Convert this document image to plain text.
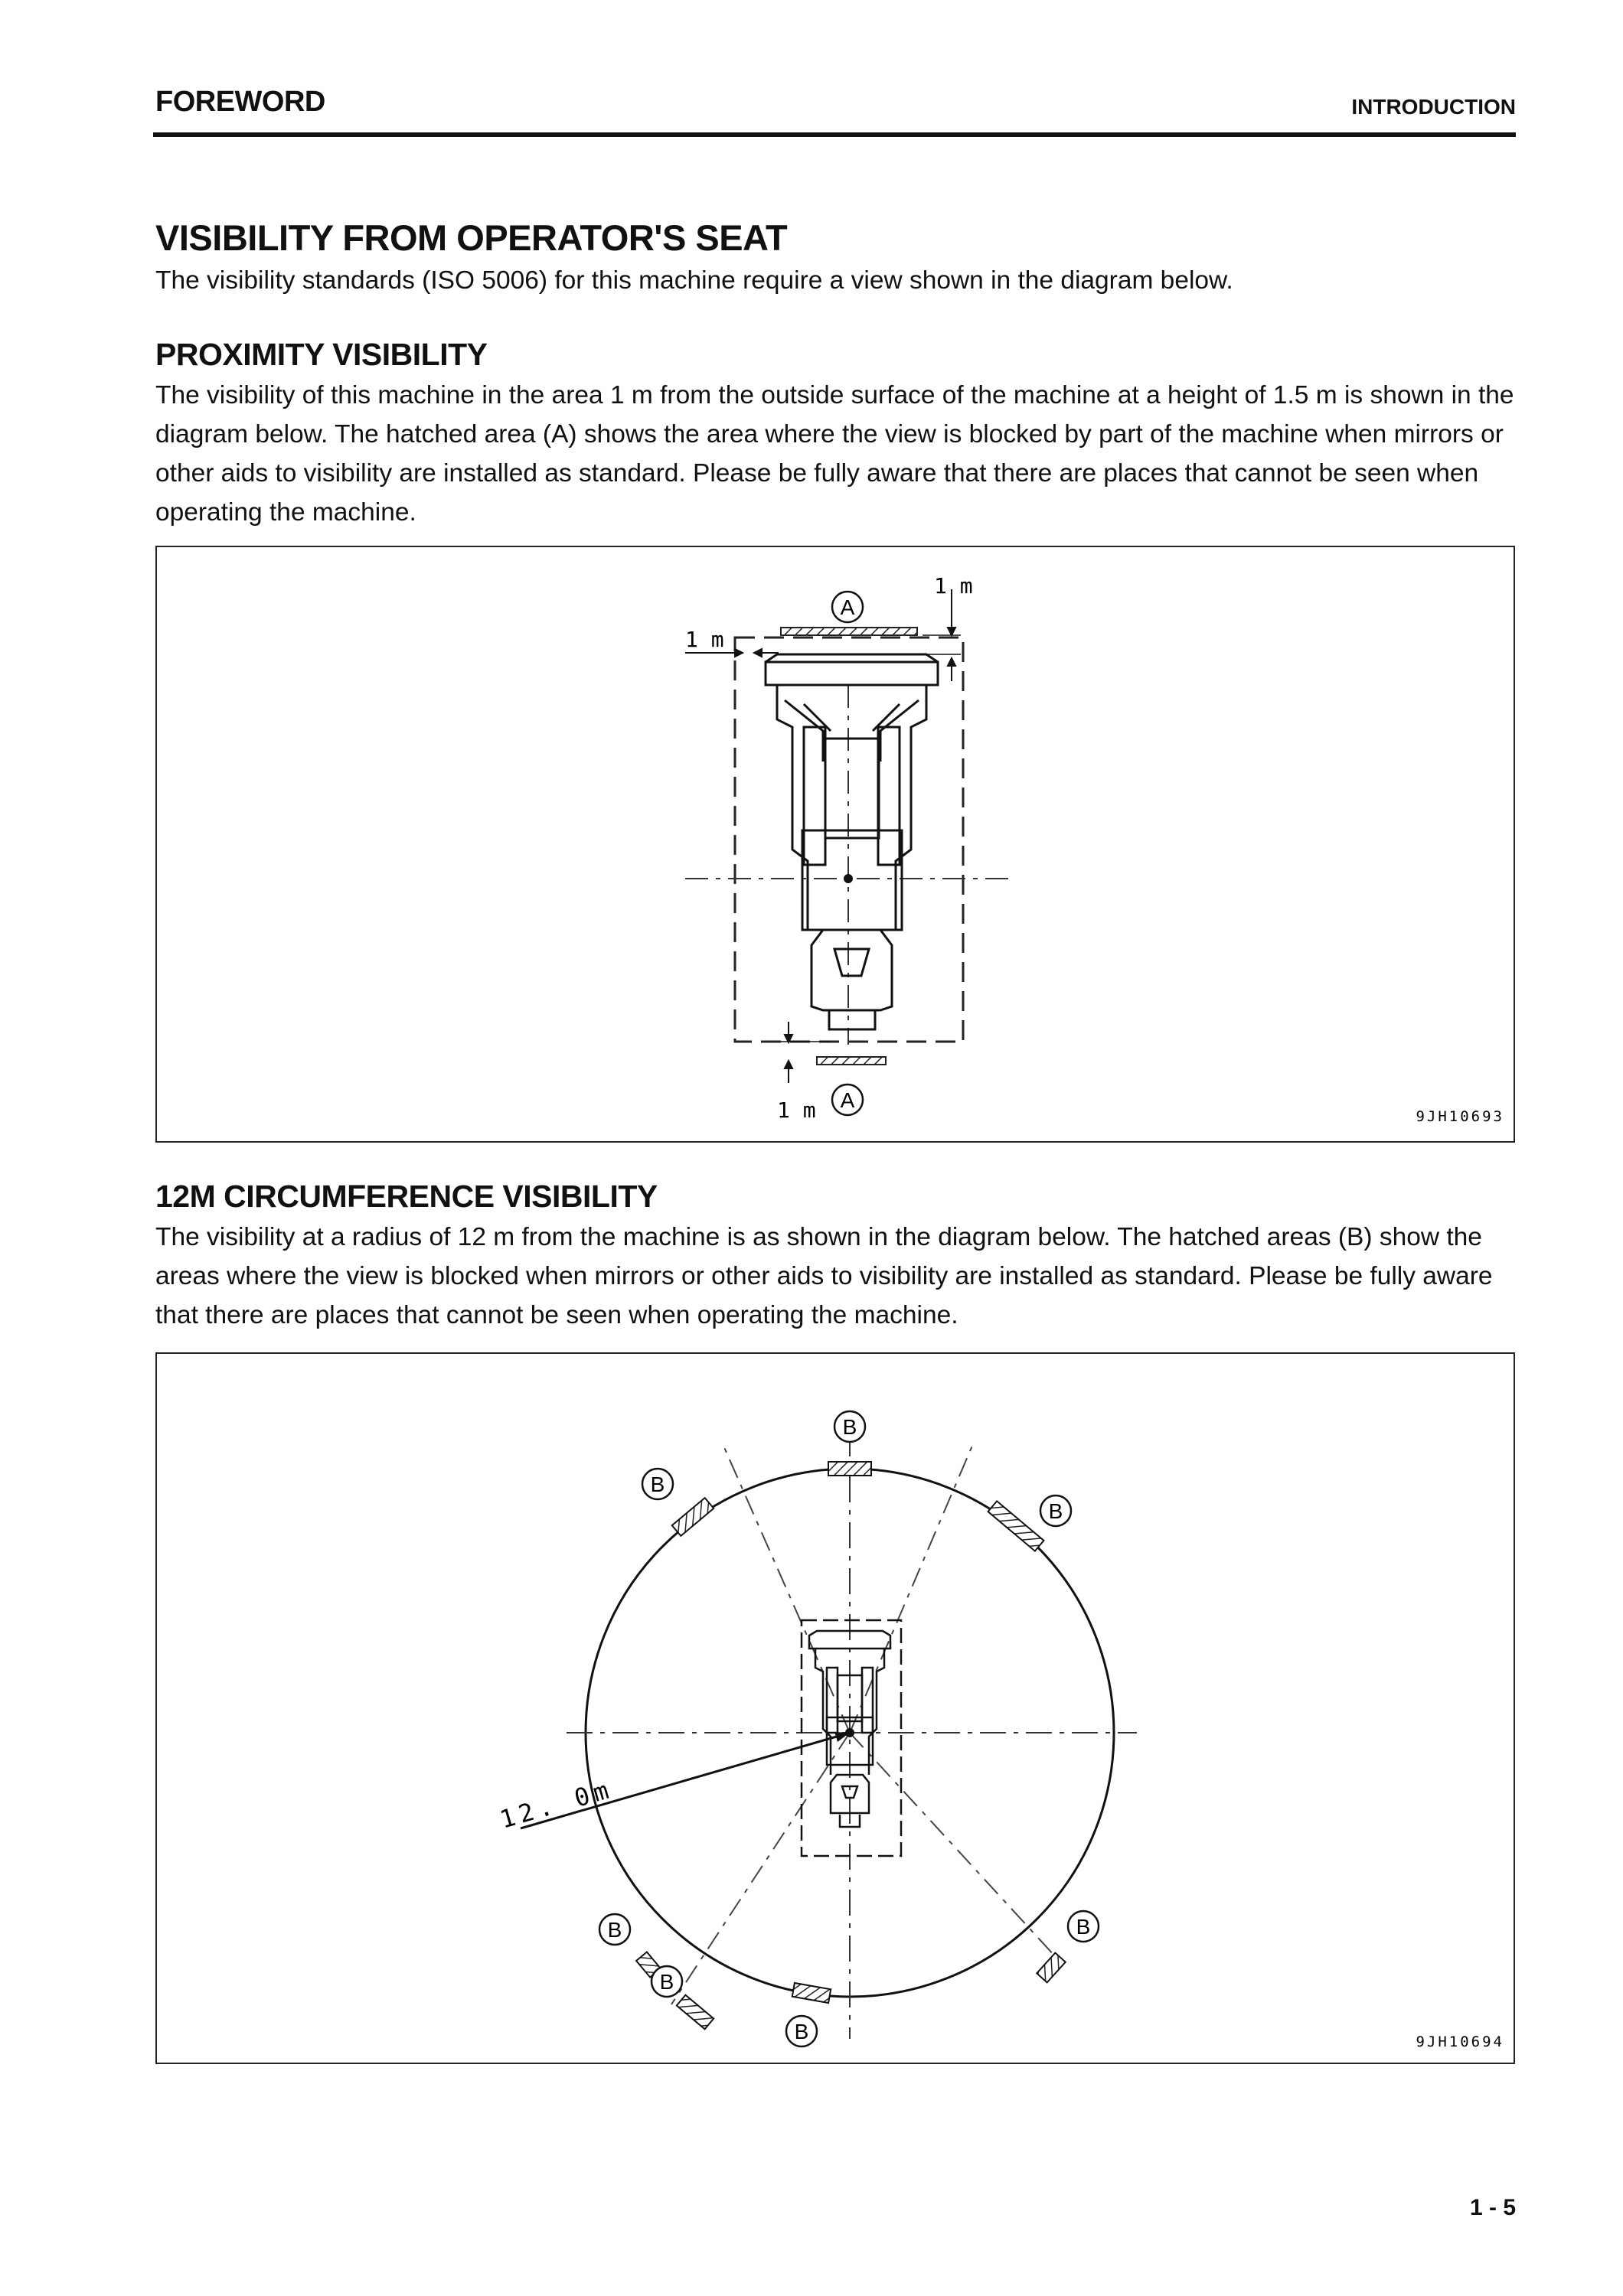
FOREWORD	INTRODUCTION
VISIBILITY FROM OPERATOR'S SEAT
The visibility standards (ISO 5006) for this machine require a view shown in the diagram below.
PROXIMITY VISIBILITY
The visibility of this machine in the area 1 m from the outside surface of the machine at a height of 1.5 m is shown in the diagram below. The hatched area (A) shows the area where the view is blocked by part of the machine when mirrors or other aids to visibility are installed as standard. Please be fully aware that there are places that cannot be seen when operating the machine.
A
A
1 m
1 m
1 m	9JH10693
12M CIRCUMFERENCE VISIBILITY
The visibility at a radius of 12 m from the machine is as shown in the diagram below. The hatched areas (B) show the areas where the view is blocked when mirrors or other aids to visibility are installed as standard. Please be fully aware that there are places that cannot be seen when operating the machine.
12. 0m
B
B
B
B
B
B
B	9JH10694
1 - 5
